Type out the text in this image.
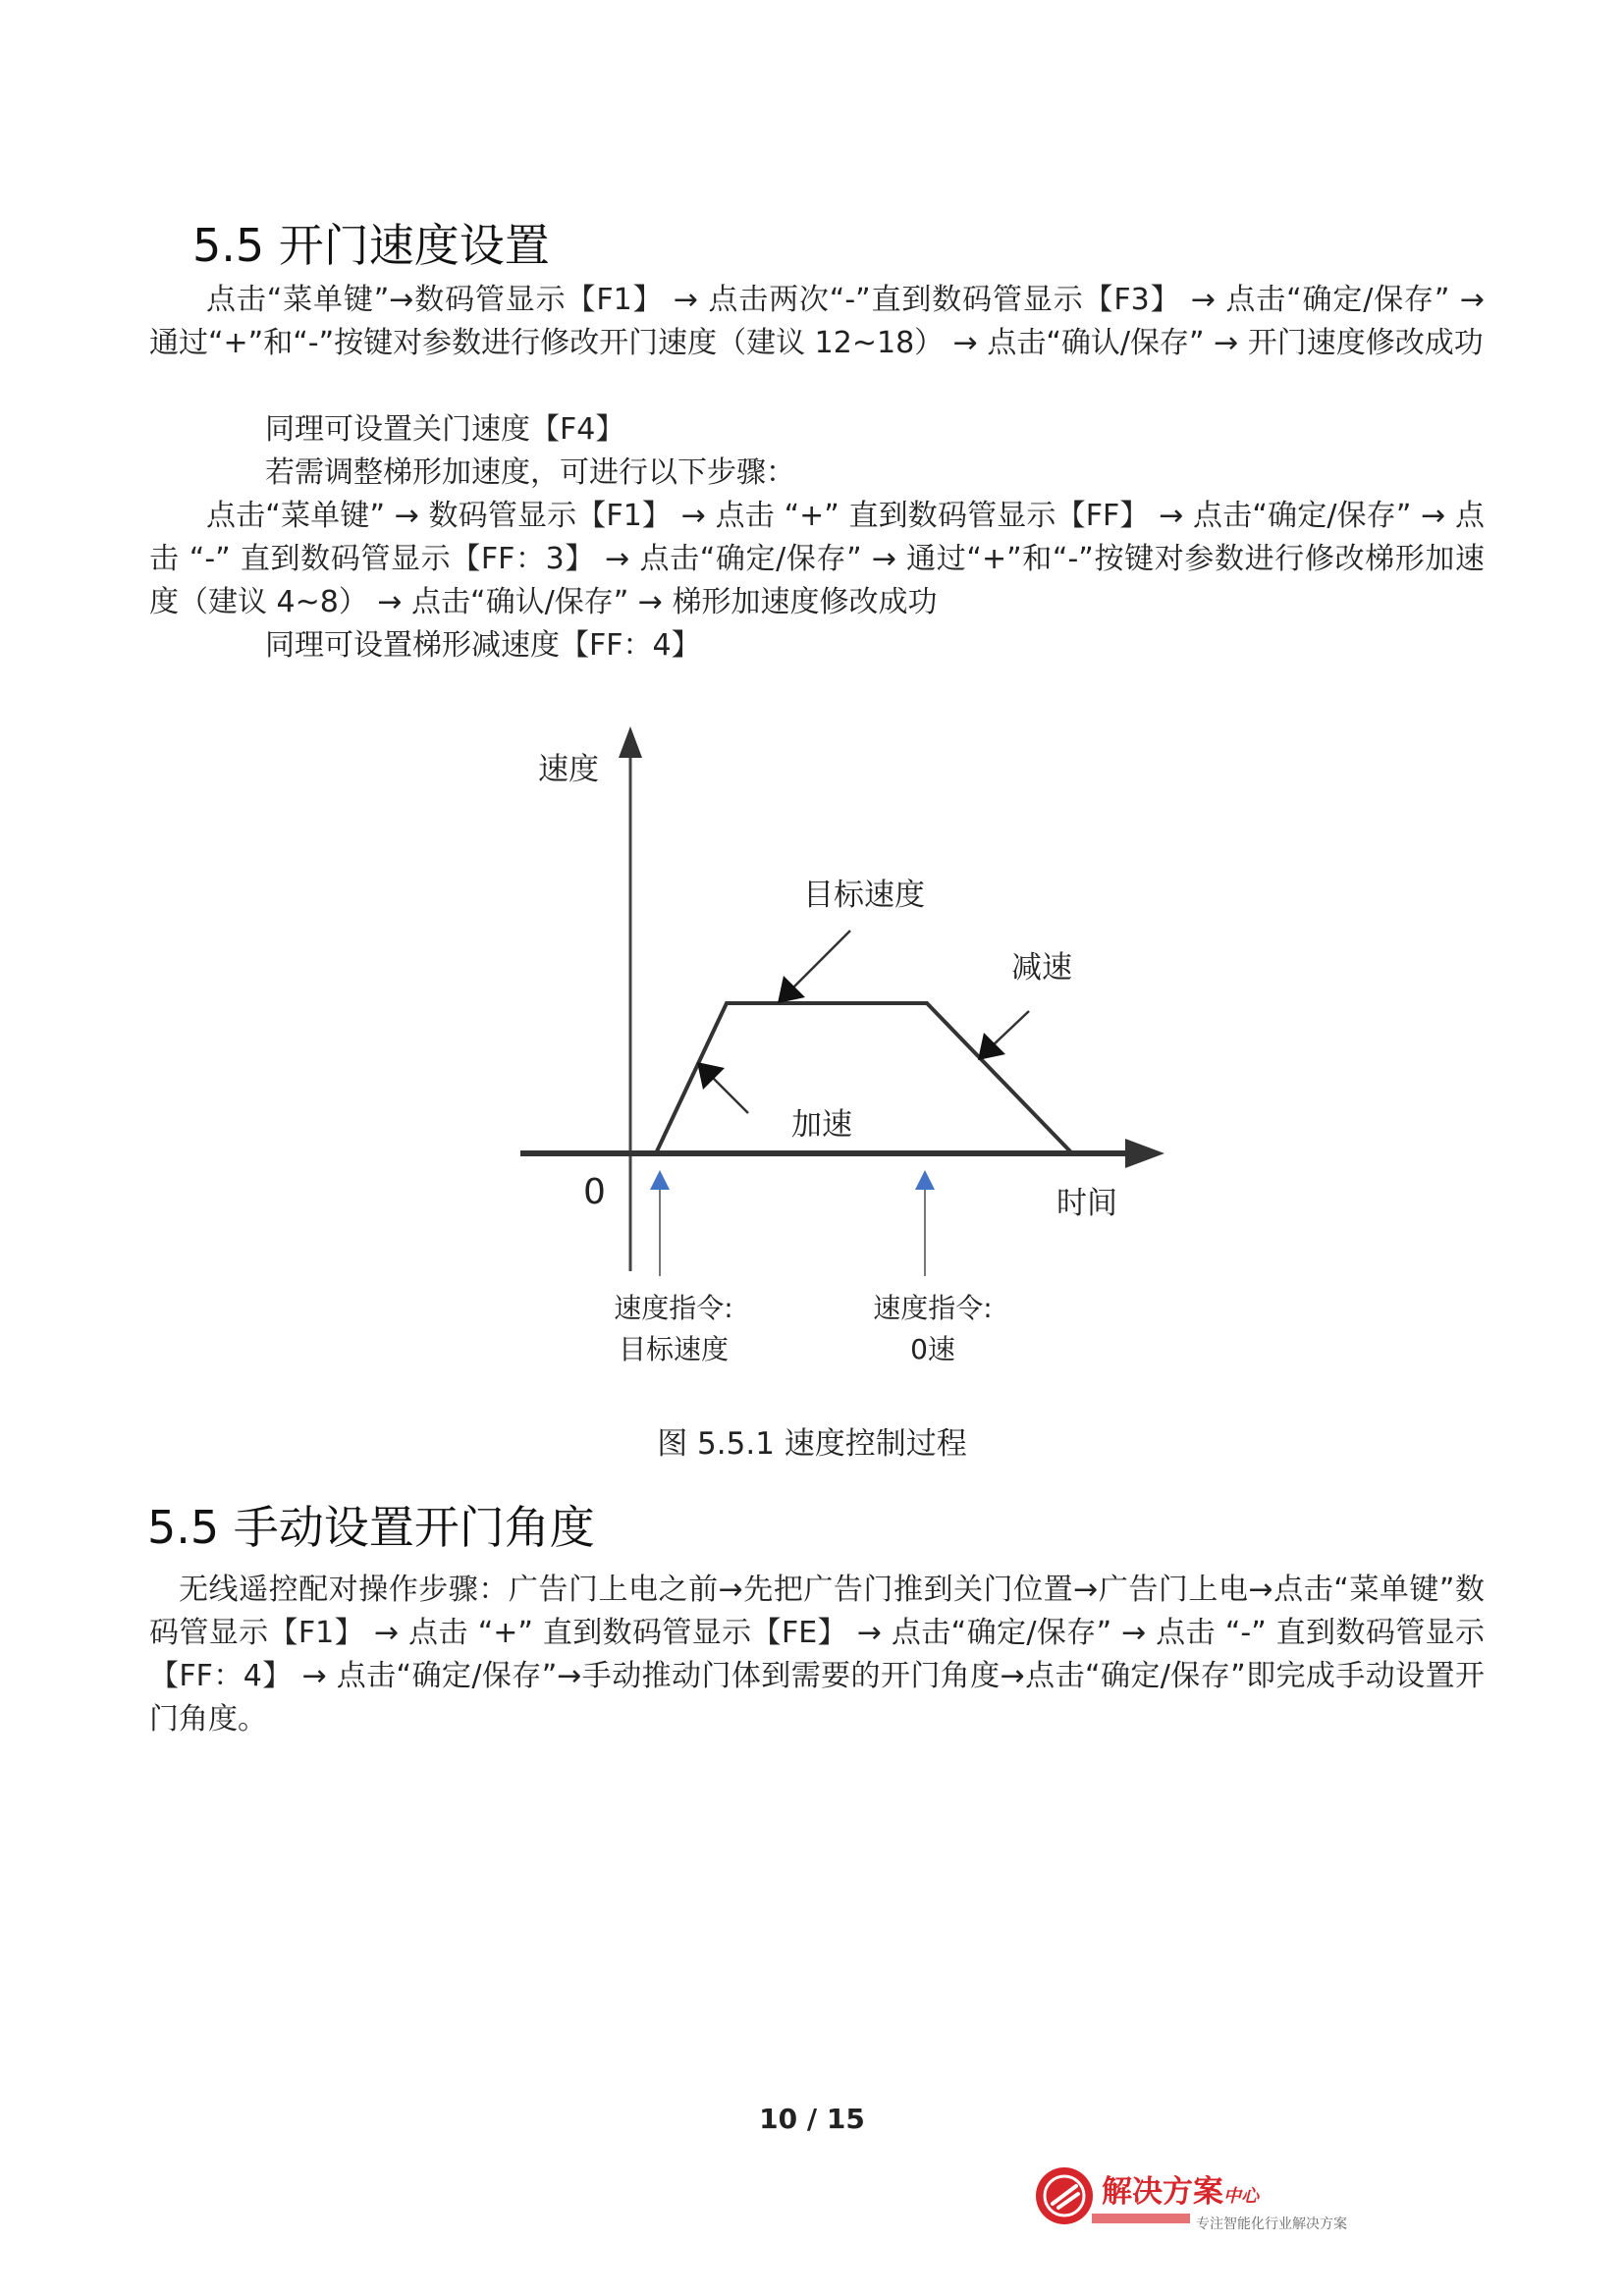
5.5 开门速度设置

点击“菜单键”→数码管显示【F1】 → 点击两次“-”直到数码管显示【F3】 → 点击“确定/保存” → 通过“+”和“-”按键对参数进行修改开门速度（建议 12~18） → 点击“确认/保存” → 开门速度修改成功

同理可设置关门速度【F4】

若需调整梯形加速度，可进行以下步骤：

点击“菜单键” → 数码管显示【F1】 → 点击 “+” 直到数码管显示【FF】 → 点击“确定/保存” → 点击 “-” 直到数码管显示【FF：3】 → 点击“确定/保存” → 通过“+”和“-”按键对参数进行修改梯形加速度（建议 4~8） → 点击“确认/保存” → 梯形加速度修改成功

同理可设置梯形减速度【FF：4】

速度
目标速度
减速
加速
0	时间
速度指令:
目标速度
速度指令:
0速
图 5.5.1 速度控制过程
5.5 手动设置开门角度

无线遥控配对操作步骤：广告门上电之前→先把广告门推到关门位置→广告门上电→点击“菜单键”数码管显示【F1】 → 点击 “+” 直到数码管显示【FE】 → 点击“确定/保存” → 点击 “-” 直到数码管显示【FF：4】 → 点击“确定/保存”→手动推动门体到需要的开门角度→点击“确定/保存”即完成手动设置开门角度。

10 / 15
解决方案中心
专注智能化行业解决方案
